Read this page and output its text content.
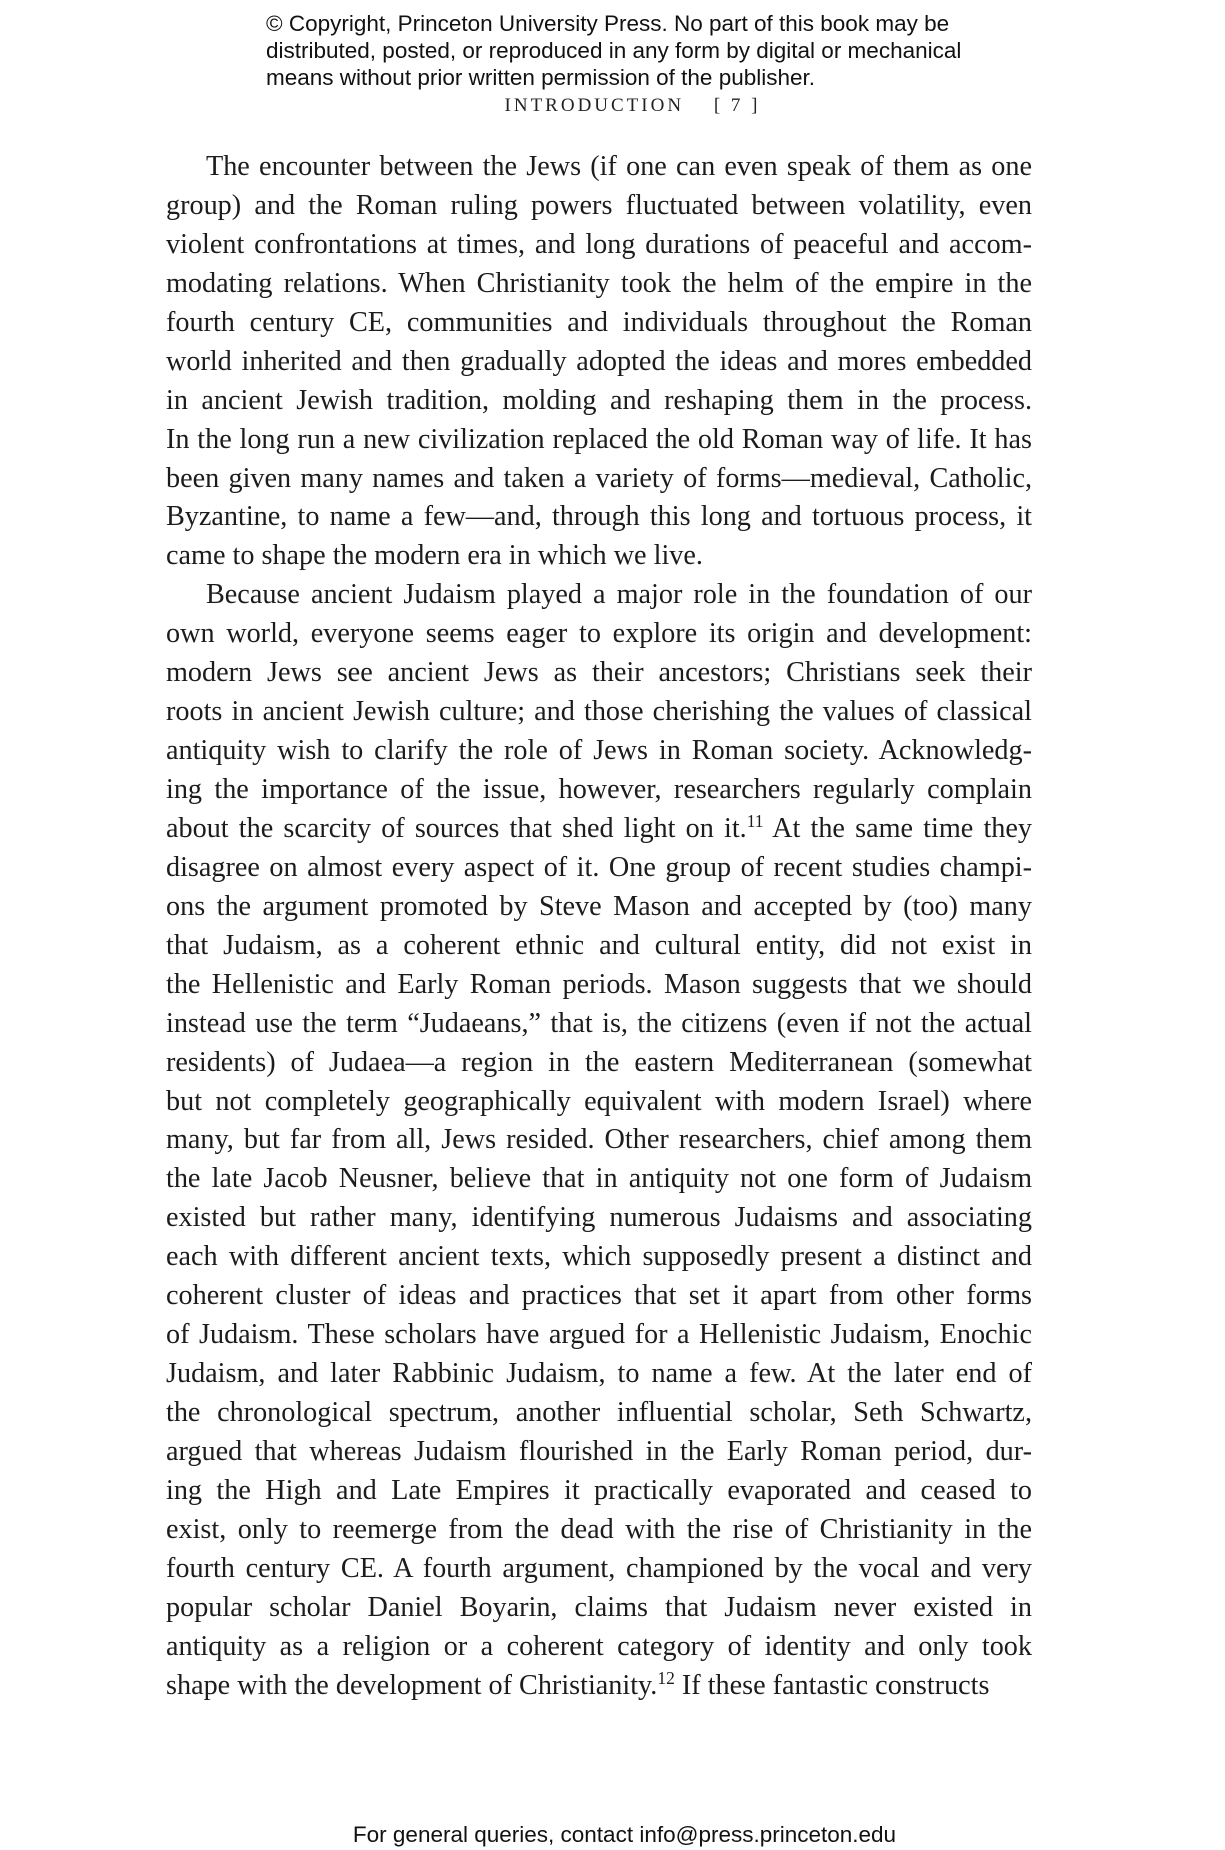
© Copyright, Princeton University Press. No part of this book may be
distributed, posted, or reproduced in any form by digital or mechanical
means without prior written permission of the publisher.
INTRODUCTION [ 7 ]
The encounter between the Jews (if one can even speak of them as one
group) and the Roman ruling powers fluctuated between volatility, even
violent confrontations at times, and long durations of peaceful and accom-
modating relations. When Christianity took the helm of the empire in the
fourth century CE, communities and individuals throughout the Roman
world inherited and then gradually adopted the ideas and mores embedded
in ancient Jewish tradition, molding and reshaping them in the process.
In the long run a new civilization replaced the old Roman way of life. It has
been given many names and taken a variety of forms—medieval, Catholic,
Byzantine, to name a few—and, through this long and tortuous process, it
came to shape the modern era in which we live.
Because ancient Judaism played a major role in the foundation of our
own world, everyone seems eager to explore its origin and development:
modern Jews see ancient Jews as their ancestors; Christians seek their
roots in ancient Jewish culture; and those cherishing the values of classical
antiquity wish to clarify the role of Jews in Roman society. Acknowledg-
ing the importance of the issue, however, researchers regularly complain
about the scarcity of sources that shed light on it.$^{11}$ At the same time they
disagree on almost every aspect of it. One group of recent studies champi-
ons the argument promoted by Steve Mason and accepted by (too) many
that Judaism, as a coherent ethnic and cultural entity, did not exist in
the Hellenistic and Early Roman periods. Mason suggests that we should
instead use the term “Judaeans,” that is, the citizens (even if not the actual
residents) of Judaea—a region in the eastern Mediterranean (somewhat
but not completely geographically equivalent with modern Israel) where
many, but far from all, Jews resided. Other researchers, chief among them
the late Jacob Neusner, believe that in antiquity not one form of Judaism
existed but rather many, identifying numerous Judaisms and associating
each with different ancient texts, which supposedly present a distinct and
coherent cluster of ideas and practices that set it apart from other forms
of Judaism. These scholars have argued for a Hellenistic Judaism, Enochic
Judaism, and later Rabbinic Judaism, to name a few. At the later end of
the chronological spectrum, another influential scholar, Seth Schwartz,
argued that whereas Judaism flourished in the Early Roman period, dur-
ing the High and Late Empires it practically evaporated and ceased to
exist, only to reemerge from the dead with the rise of Christianity in the
fourth century CE. A fourth argument, championed by the vocal and very
popular scholar Daniel Boyarin, claims that Judaism never existed in
antiquity as a religion or a coherent category of identity and only took
shape with the development of Christianity.$^{12}$ If these fantastic constructs
For general queries, contact info@press.princeton.edu
